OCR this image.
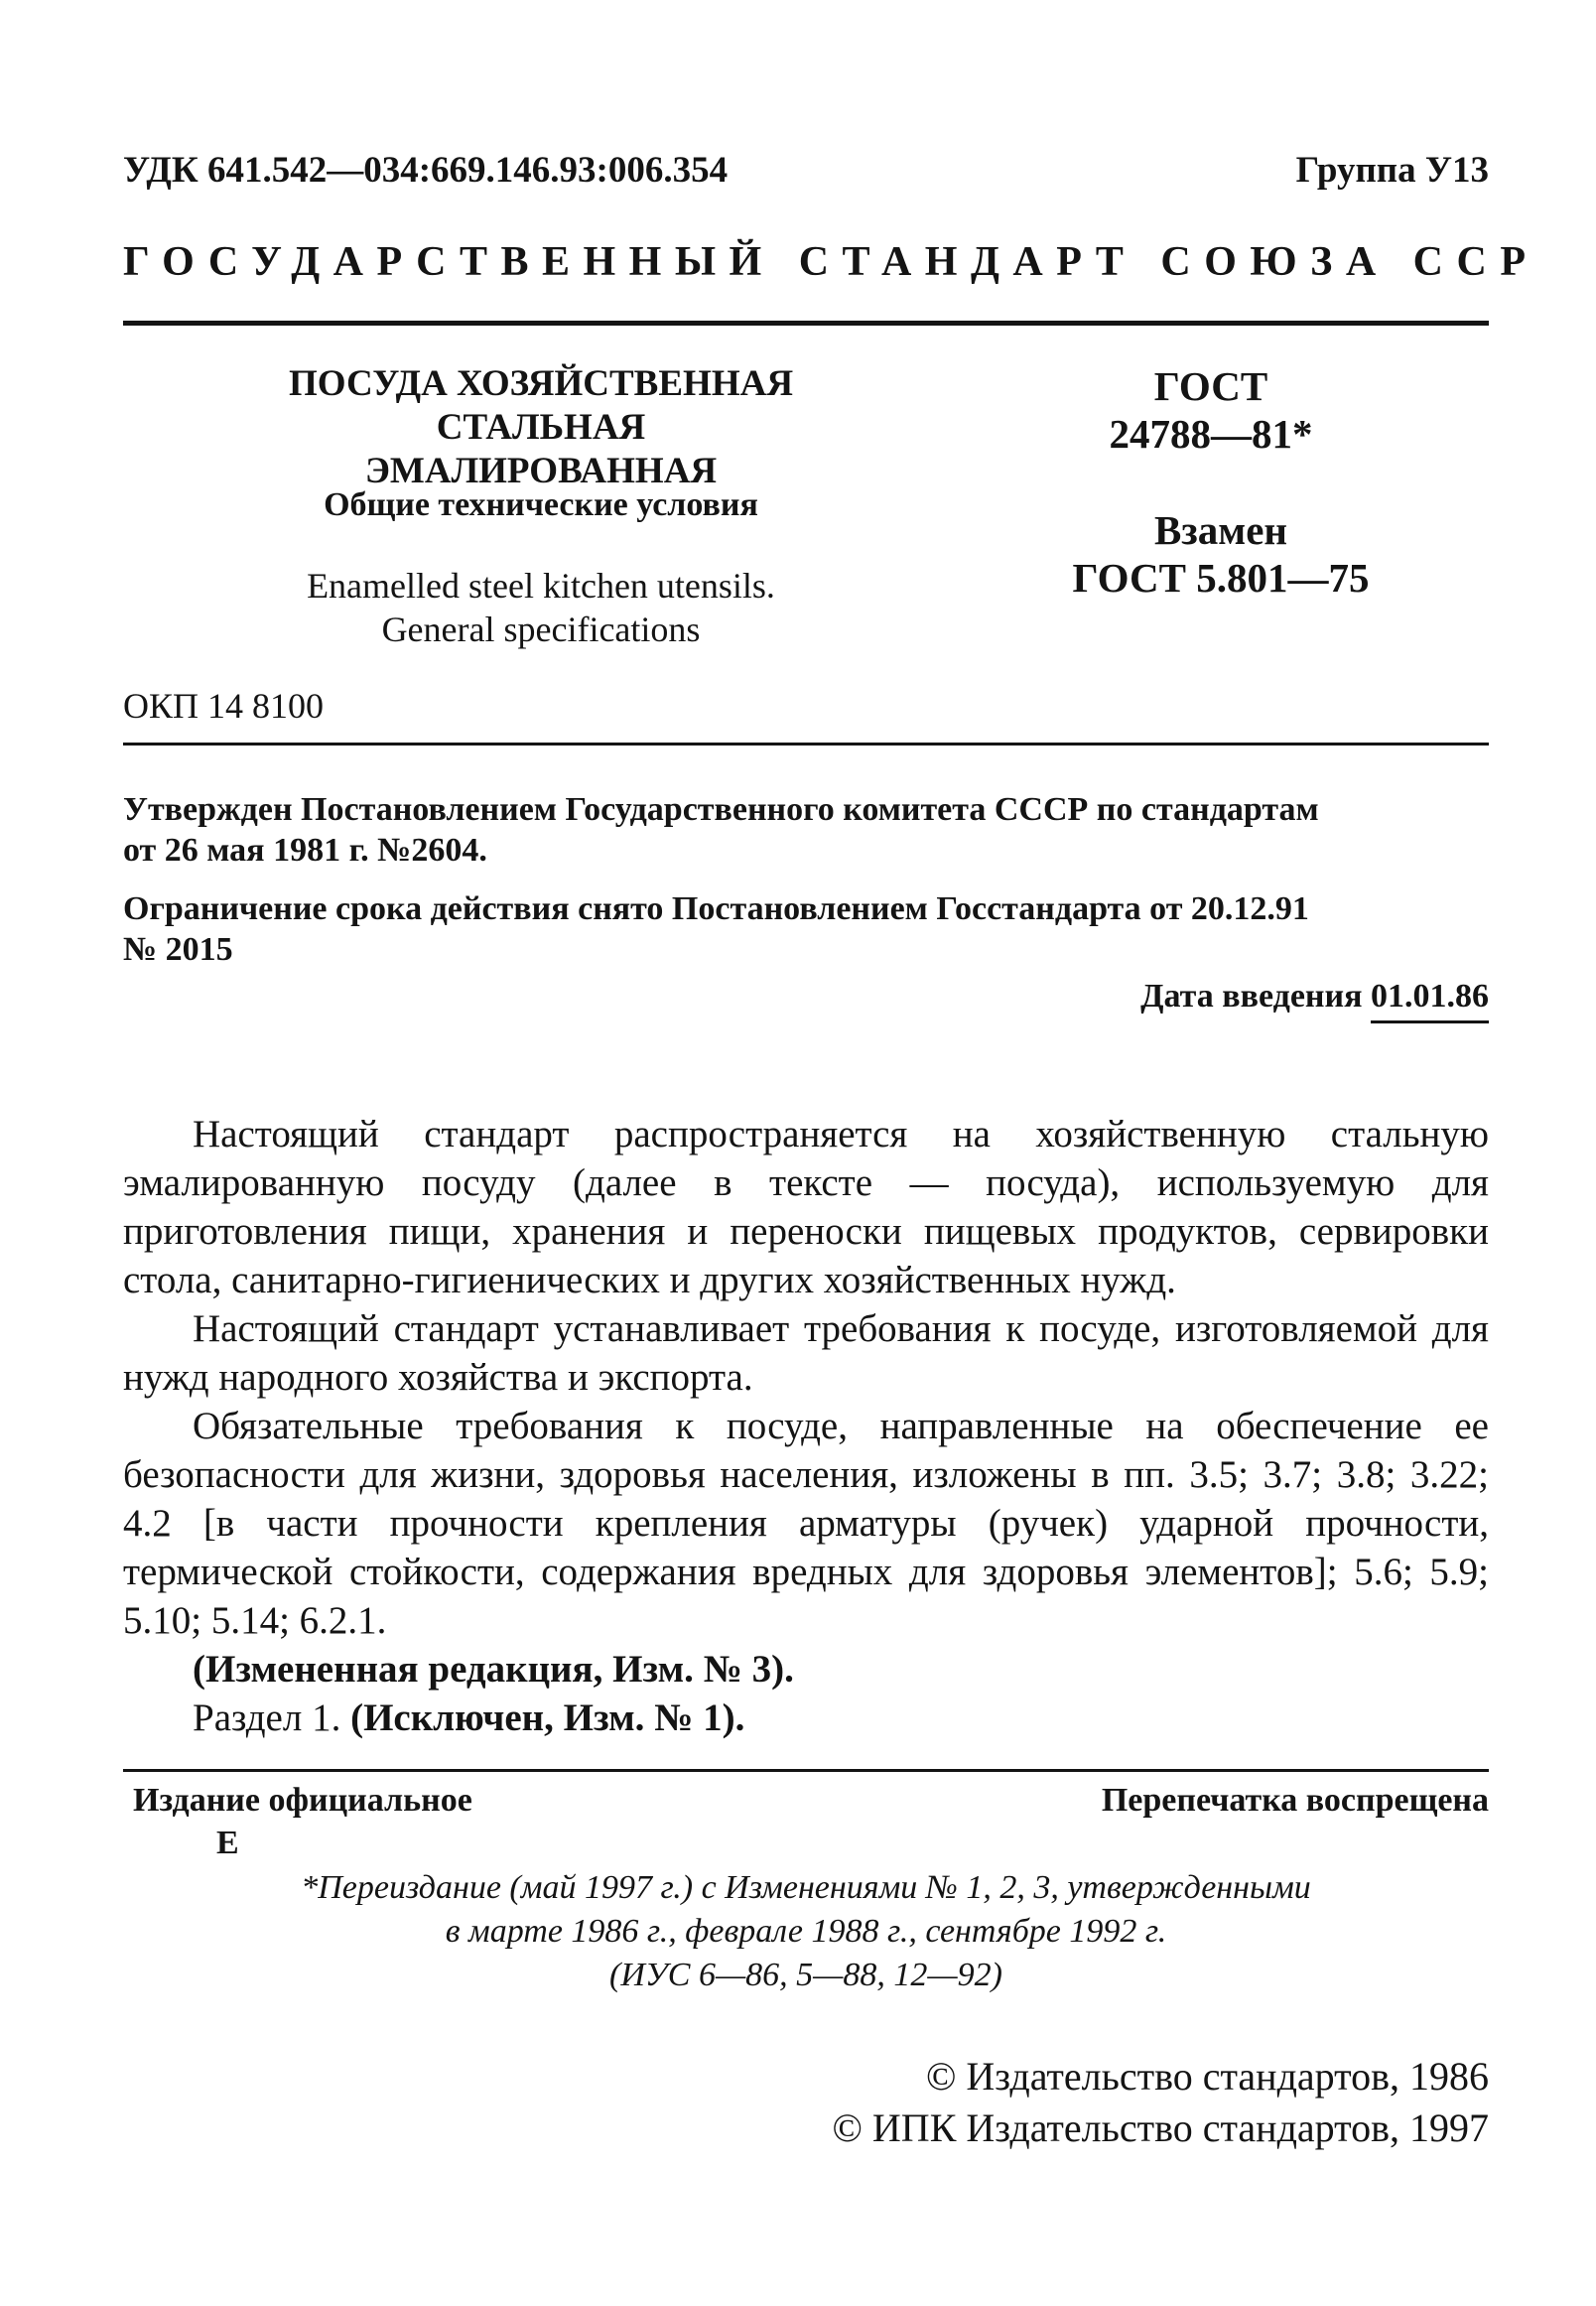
УДК 641.542—034:669.146.93:006.354	Группа У13
ГОСУДАРСТВЕННЫЙ СТАНДАРТ СОЮЗА ССР
ПОСУДА ХОЗЯЙСТВЕННАЯ СТАЛЬНАЯ
ЭМАЛИРОВАННАЯ
Общие технические условия
Enamelled steel kitchen utensils.
General specifications
ГОСТ
24788—81*
Взамен
ГОСТ 5.801—75
ОКП 14 8100
Утвержден Постановлением Государственного комитета СССР по стандартам
от 26 мая 1981 г. №2604.
Ограничение срока действия снято Постановлением Госстандарта от 20.12.91
№ 2015
Дата введения 01.01.86

Настоящий стандарт распространяется на хозяйственную стальную эмалированную посуду (далее в тексте — посуда), используемую для приготовления пищи, хранения и переноски пищевых продуктов, сервировки стола, санитарно-гигиенических и других хозяйственных нужд.

Настоящий стандарт устанавливает требования к посуде, изготовляемой для нужд народного хозяйства и экспорта.

Обязательные требования к посуде, направленные на обеспечение ее безопасности для жизни, здоровья населения, изложены в пп. 3.5; 3.7; 3.8; 3.22; 4.2 [в части прочности крепления арматуры (ручек) ударной прочности, термической стойкости, содержания вредных для здоровья элементов]; 5.6; 5.9; 5.10; 5.14; 6.2.1.

(Измененная редакция, Изм. № 3).

Раздел 1. (Исключен, Изм. № 1).

Издание официальное
Е
Перепечатка воспрещена
*Переиздание (май 1997 г.) с Изменениями № 1, 2, 3, утвержденными
в марте 1986 г., феврале 1988 г., сентябре 1992 г.
(ИУС 6—86, 5—88, 12—92)
© Издательство стандартов, 1986
© ИПК Издательство стандартов, 1997
